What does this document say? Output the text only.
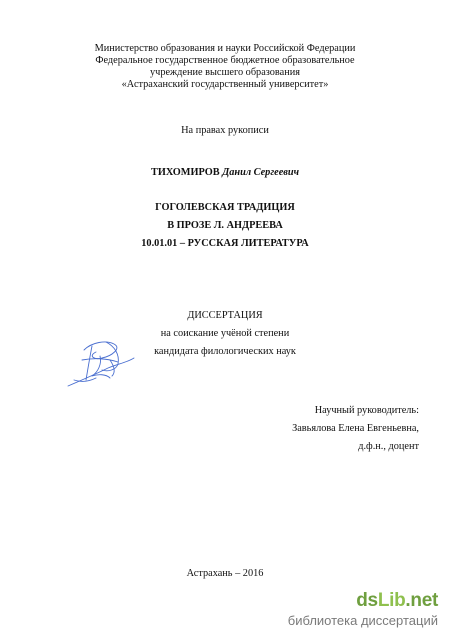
Министерство образования и науки Российской Федерации
Федеральное государственное бюджетное образовательное
учреждение высшего образования
«Астраханский государственный университет»
На правах рукописи
ТИХОМИРОВ Данил Сергеевич
ГОГОЛЕВСКАЯ ТРАДИЦИЯ
В ПРОЗЕ Л. АНДРЕЕВА
10.01.01 – РУССКАЯ ЛИТЕРАТУРА
ДИССЕРТАЦИЯ
на соискание учёной степени
кандидата филологических наук
Научный руководитель:
Завьялова Елена Евгеньевна,
д.ф.н., доцент
Астрахань – 2016
dsLib.net
библиотека диссертаций
